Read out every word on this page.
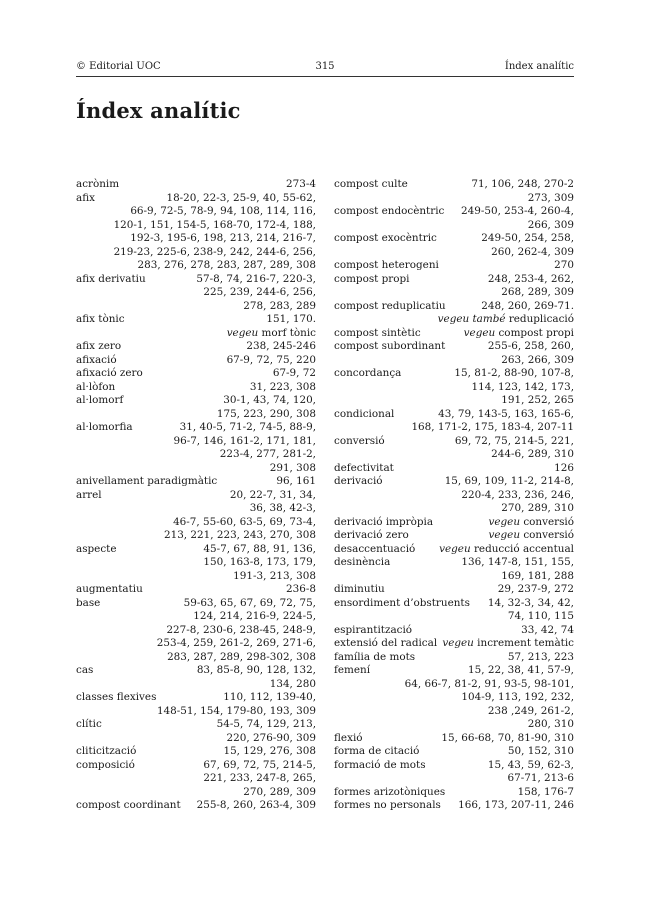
© Editorial UOC	315	Índex analític
Índex analític
acrònim	273-4
afix	18-20, 22-3, 25-9, 40, 55-62,
66-9, 72-5, 78-9, 94, 108, 114, 116,
120-1, 151, 154-5, 168-70, 172-4, 188,
192-3, 195-6, 198, 213, 214, 216-7,
219-23, 225-6, 238-9, 242, 244-6, 256,
283, 276, 278, 283, 287, 289, 308
afix derivatiu	57-8, 74, 216-7, 220-3,
225, 239, 244-6, 256,
278, 283, 289
afix tònic	151, 170.
vegeu morf tònic
afix zero	238, 245-246
afixació	67-9, 72, 75, 220
afixació zero	67-9, 72
al·lòfon	31, 223, 308
al·lomorf	30-1, 43, 74, 120,
175, 223, 290, 308
al·lomorfia	31, 40-5, 71-2, 74-5, 88-9,
96-7, 146, 161-2, 171, 181,
223-4, 277, 281-2,
291, 308
anivellament paradigmàtic	96, 161
arrel	20, 22-7, 31, 34,
36, 38, 42-3,
46-7, 55-60, 63-5, 69, 73-4,
213, 221, 223, 243, 270, 308
aspecte	45-7, 67, 88, 91, 136,
150, 163-8, 173, 179,
191-3, 213, 308
augmentatiu	236-8
base	59-63, 65, 67, 69, 72, 75,
124, 214, 216-9, 224-5,
227-8, 230-6, 238-45, 248-9,
253-4, 259, 261-2, 269, 271-6,
283, 287, 289, 298-302, 308
cas	83, 85-8, 90, 128, 132,
134, 280
classes flexives	110, 112, 139-40,
148-51, 154, 179-80, 193, 309
clític	54-5, 74, 129, 213,
220, 276-90, 309
cliticització	15, 129, 276, 308
composició	67, 69, 72, 75, 214-5,
221, 233, 247-8, 265,
270, 289, 309
compost coordinant 255-8, 260, 263-4, 309
compost culte	71, 106, 248, 270-2
273, 309
compost endocèntric 249-50, 253-4, 260-4,
266, 309
compost exocèntric	249-50, 254, 258,
260, 262-4, 309
compost heterogeni	270
compost propi	248, 253-4, 262,
268, 289, 309
compost reduplicatiu	248, 260, 269-71.
vegeu també reduplicació
compost sintètic	vegeu compost propi
compost subordinant	255-6, 258, 260,
263, 266, 309
concordança	15, 81-2, 88-90, 107-8,
114, 123, 142, 173,
191, 252, 265
condicional	43, 79, 143-5, 163, 165-6,
168, 171-2, 175, 183-4, 207-11
conversió	69, 72, 75, 214-5, 221,
244-6, 289, 310
defectivitat	126
derivació	15, 69, 109, 11-2, 214-8,
220-4, 233, 236, 246,
270, 289, 310
derivació impròpia	vegeu conversió
derivació zero	vegeu conversió
desaccentuació vegeu reducció accentual
desinència	136, 147-8, 151, 155,
169, 181, 288
diminutiu	29, 237-9, 272
ensordiment d’obstruents 14, 32-3, 34, 42,
74, 110, 115
espirantització	33, 42, 74
extensió del radical vegeu increment temàtic
família de mots	57, 213, 223
femení	15, 22, 38, 41, 57-9,
64, 66-7, 81-2, 91, 93-5, 98-101,
104-9, 113, 192, 232,
238 ,249, 261-2,
280, 310
flexió	15, 66-68, 70, 81-90, 310
forma de citació	50, 152, 310
formació de mots	15, 43, 59, 62-3,
67-71, 213-6
formes arizotòniques	158, 176-7
formes no personals 166, 173, 207-11, 246
